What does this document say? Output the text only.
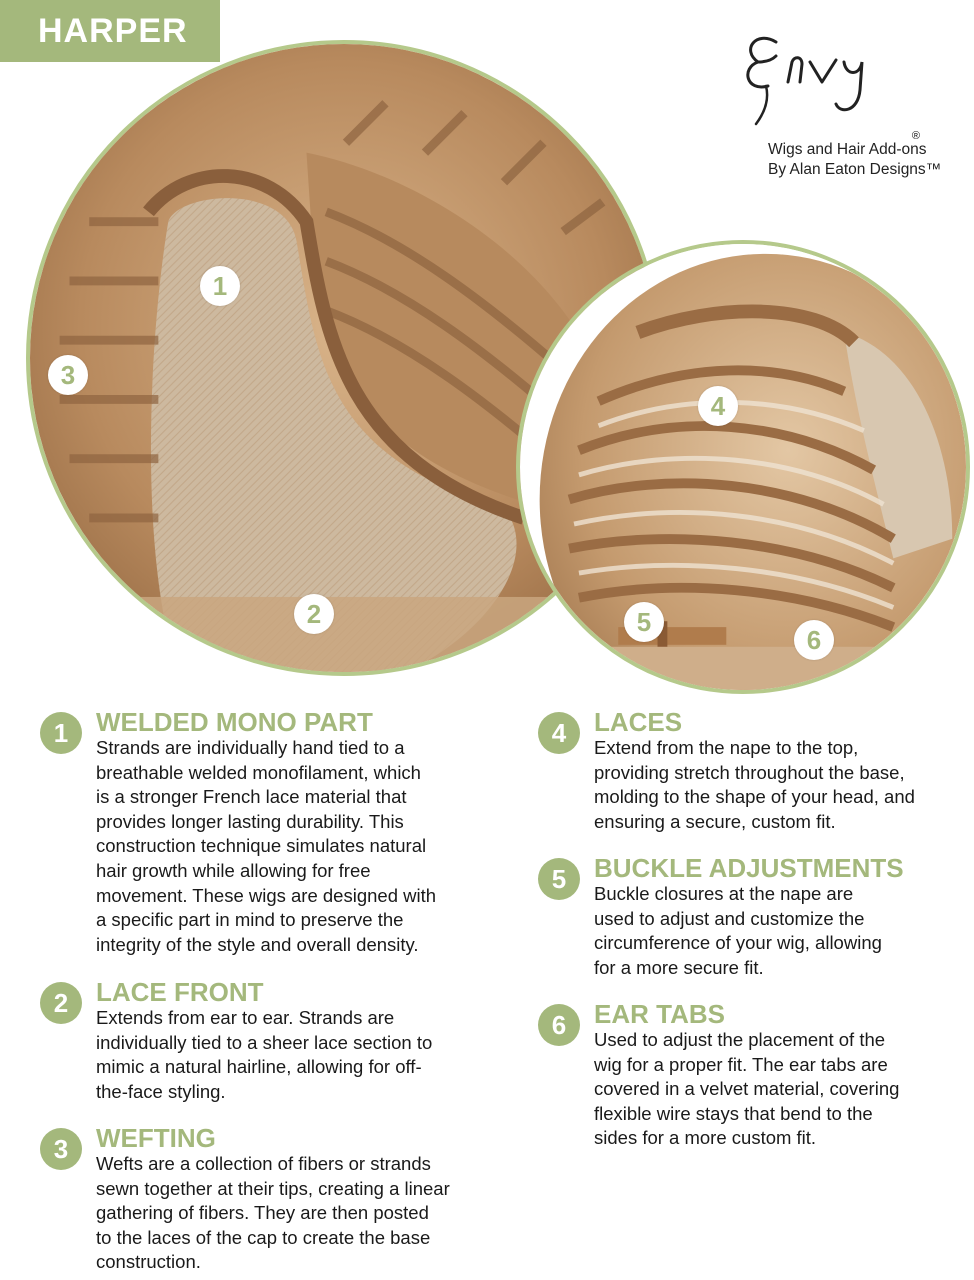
HARPER
®
Wigs and Hair Add-ons
By Alan Eaton Designs™
1
2
3
4
5
6
1	WELDED MONO PART
Strands are individually hand tied to a
breathable welded monofilament, which
is a stronger French lace material that
provides longer lasting durability. This
construction technique simulates natural
hair growth while allowing for free
movement. These wigs are designed with
a specific part in mind to preserve the
integrity of the style and overall density.
2	LACE FRONT
Extends from ear to ear. Strands are
individually tied to a sheer lace section to
mimic a natural hairline, allowing for off-
the-face styling.
3	WEFTING
Wefts are a collection of fibers or strands
sewn together at their tips, creating a linear
gathering of fibers. They are then posted
to the laces of the cap to create the base
construction.
4	LACES
Extend from the nape to the top,
providing stretch throughout the base,
molding to the shape of your head, and
ensuring a secure, custom fit.
5	BUCKLE ADJUSTMENTS
Buckle closures at the nape are
used to adjust and customize the
circumference of your wig, allowing
for a more secure fit.
6	EAR TABS
Used to adjust the placement of the
wig for a proper fit. The ear tabs are
covered in a velvet material, covering
flexible wire stays that bend to the
sides for a more custom fit.
